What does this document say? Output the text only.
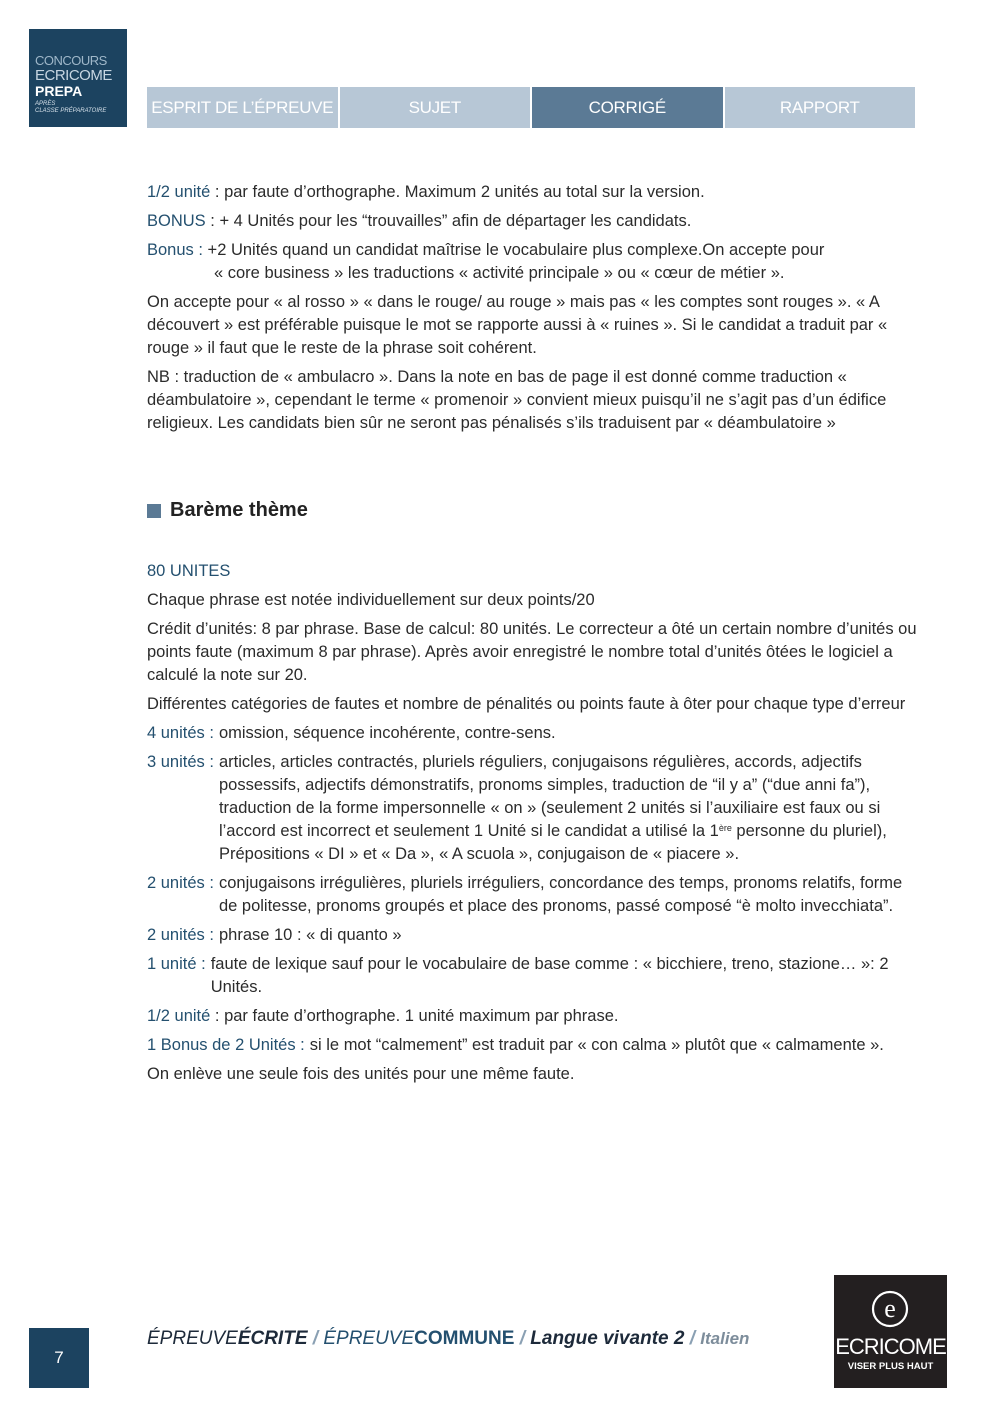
CONCOURS
ECRICOME
PREPA
APRÈS
CLASSE PRÉPARATOIRE	ESPRIT DE L’ÉPREUVE	SUJET	CORRIGÉ	RAPPORT

1/2 unité : par faute d’orthographe. Maximum 2 unités au total sur la version.

BONUS : + 4 Unités pour les “trouvailles” afin de départager les candidats.

Bonus : +2 Unités quand un candidat maîtrise le vocabulaire plus complexe.On accepte pour
« core business » les traductions « activité principale » ou « cœur de métier ».

On accepte pour « al rosso » « dans le rouge/ au rouge » mais pas « les comptes sont rouges ». « A découvert » est préférable puisque le mot se rapporte aussi à « ruines ». Si le candidat a traduit par « rouge » il faut que le reste de la phrase soit cohérent.

NB : traduction de « ambulacro ». Dans la note en bas de page il est donné comme traduction « déambulatoire », cependant le terme « promenoir » convient mieux puisqu’il ne s’agit pas d’un édifice religieux. Les candidats bien sûr ne seront pas pénalisés s’ils traduisent par « déambulatoire »

Barème thème

80 UNITES

Chaque phrase est notée individuellement sur deux points/20

Crédit d’unités: 8 par phrase. Base de calcul: 80 unités. Le correcteur a ôté un certain nombre d’unités ou points faute (maximum 8 par phrase). Après avoir enregistré le nombre total d’unités ôtées le logiciel a calculé la note sur 20.

Différentes catégories de fautes et nombre de pénalités ou points faute à ôter pour chaque type d’erreur

4 unités : omission, séquence incohérente, contre-sens.
3 unités : articles, articles contractés, pluriels réguliers, conjugaisons régulières, accords, adjectifs possessifs, adjectifs démonstratifs, pronoms simples, traduction de “il y a” (“due anni fa”), traduction de la forme impersonnelle « on » (seulement 2 unités si l’auxiliaire est faux ou si l’accord est incorrect et seulement 1 Unité si le candidat a utilisé la 1ère personne du pluriel), Prépositions « DI » et « Da », « A scuola », conjugaison de « piacere ».
2 unités : conjugaisons irrégulières, pluriels irréguliers, concordance des temps, pronoms relatifs, forme de politesse, pronoms groupés et place des pronoms, passé composé “è molto invecchiata”.
2 unités : phrase 10 : « di quanto »
1 unité : faute de lexique sauf pour le vocabulaire de base comme : « bicchiere, treno, stazione… »: 2 Unités.

1/2 unité : par faute d’orthographe. 1 unité maximum par phrase.

1 Bonus de 2 Unités : si le mot “calmement” est traduit par « con calma » plutôt que « calmamente ».

On enlève une seule fois des unités pour une même faute.

7
ÉPREUVEÉCRITE / ÉPREUVECOMMUNE / Langue vivante 2 / Italien
e
ECRICOME
VISER PLUS HAUT
